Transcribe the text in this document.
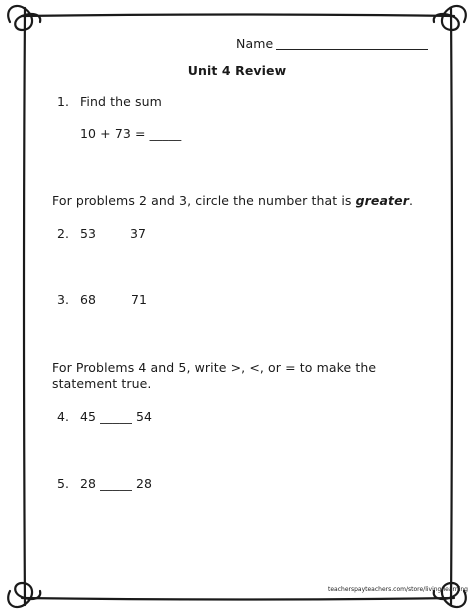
Name
Unit 4 Review
1. Find the sum
10 + 73 = _____
For problems 2 and 3, circle the number that is greater.
2. 53	37
3. 68	71
For Problems 4 and 5, write >, <, or = to make the
statement true.
4. 45 _____ 54
5. 28 _____ 28
teacherspayteachers.com/store/living-learning
